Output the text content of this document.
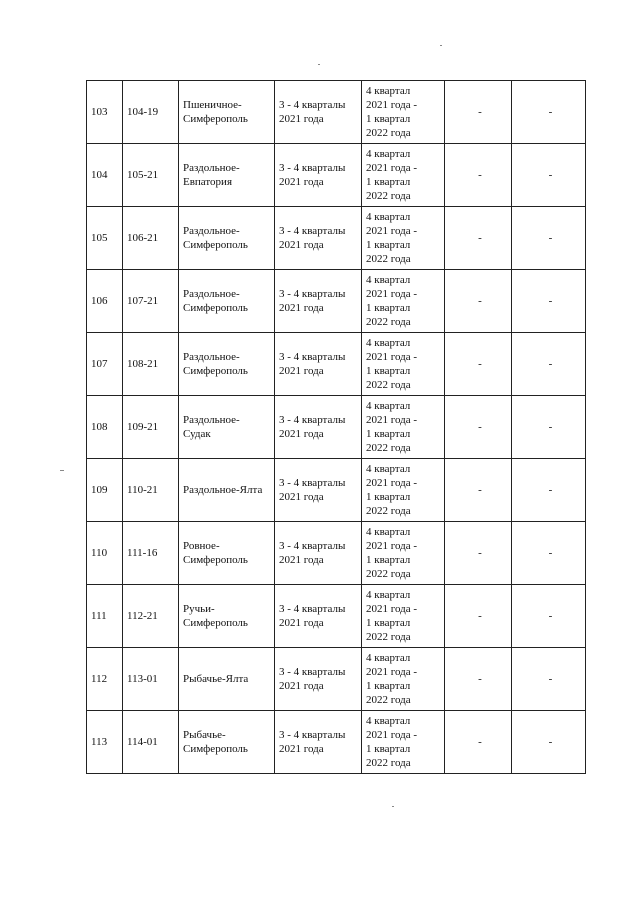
103	104-19	Пшеничное-
Симферополь	3 - 4 кварталы
2021 года	4 квартал
2021 года -
1 квартал
2022 года	-	-
104	105-21	Раздольное-
Евпатория	3 - 4 кварталы
2021 года	4 квартал
2021 года -
1 квартал
2022 года	-	-
105	106-21	Раздольное-
Симферополь	3 - 4 кварталы
2021 года	4 квартал
2021 года -
1 квартал
2022 года	-	-
106	107-21	Раздольное-
Симферополь	3 - 4 кварталы
2021 года	4 квартал
2021 года -
1 квартал
2022 года	-	-
107	108-21	Раздольное-
Симферополь	3 - 4 кварталы
2021 года	4 квартал
2021 года -
1 квартал
2022 года	-	-
108	109-21	Раздольное-
Судак	3 - 4 кварталы
2021 года	4 квартал
2021 года -
1 квартал
2022 года	-	-
109	110-21	Раздольное-Ялта	3 - 4 кварталы
2021 года	4 квартал
2021 года -
1 квартал
2022 года	-	-
110	111-16	Ровное-
Симферополь	3 - 4 кварталы
2021 года	4 квартал
2021 года -
1 квартал
2022 года	-	-
111	112-21	Ручьи-
Симферополь	3 - 4 кварталы
2021 года	4 квартал
2021 года -
1 квартал
2022 года	-	-
112	113-01	Рыбачье-Ялта	3 - 4 кварталы
2021 года	4 квартал
2021 года -
1 квартал
2022 года	-	-
113	114-01	Рыбачье-
Симферополь	3 - 4 кварталы
2021 года	4 квартал
2021 года -
1 квартал
2022 года	-	-
